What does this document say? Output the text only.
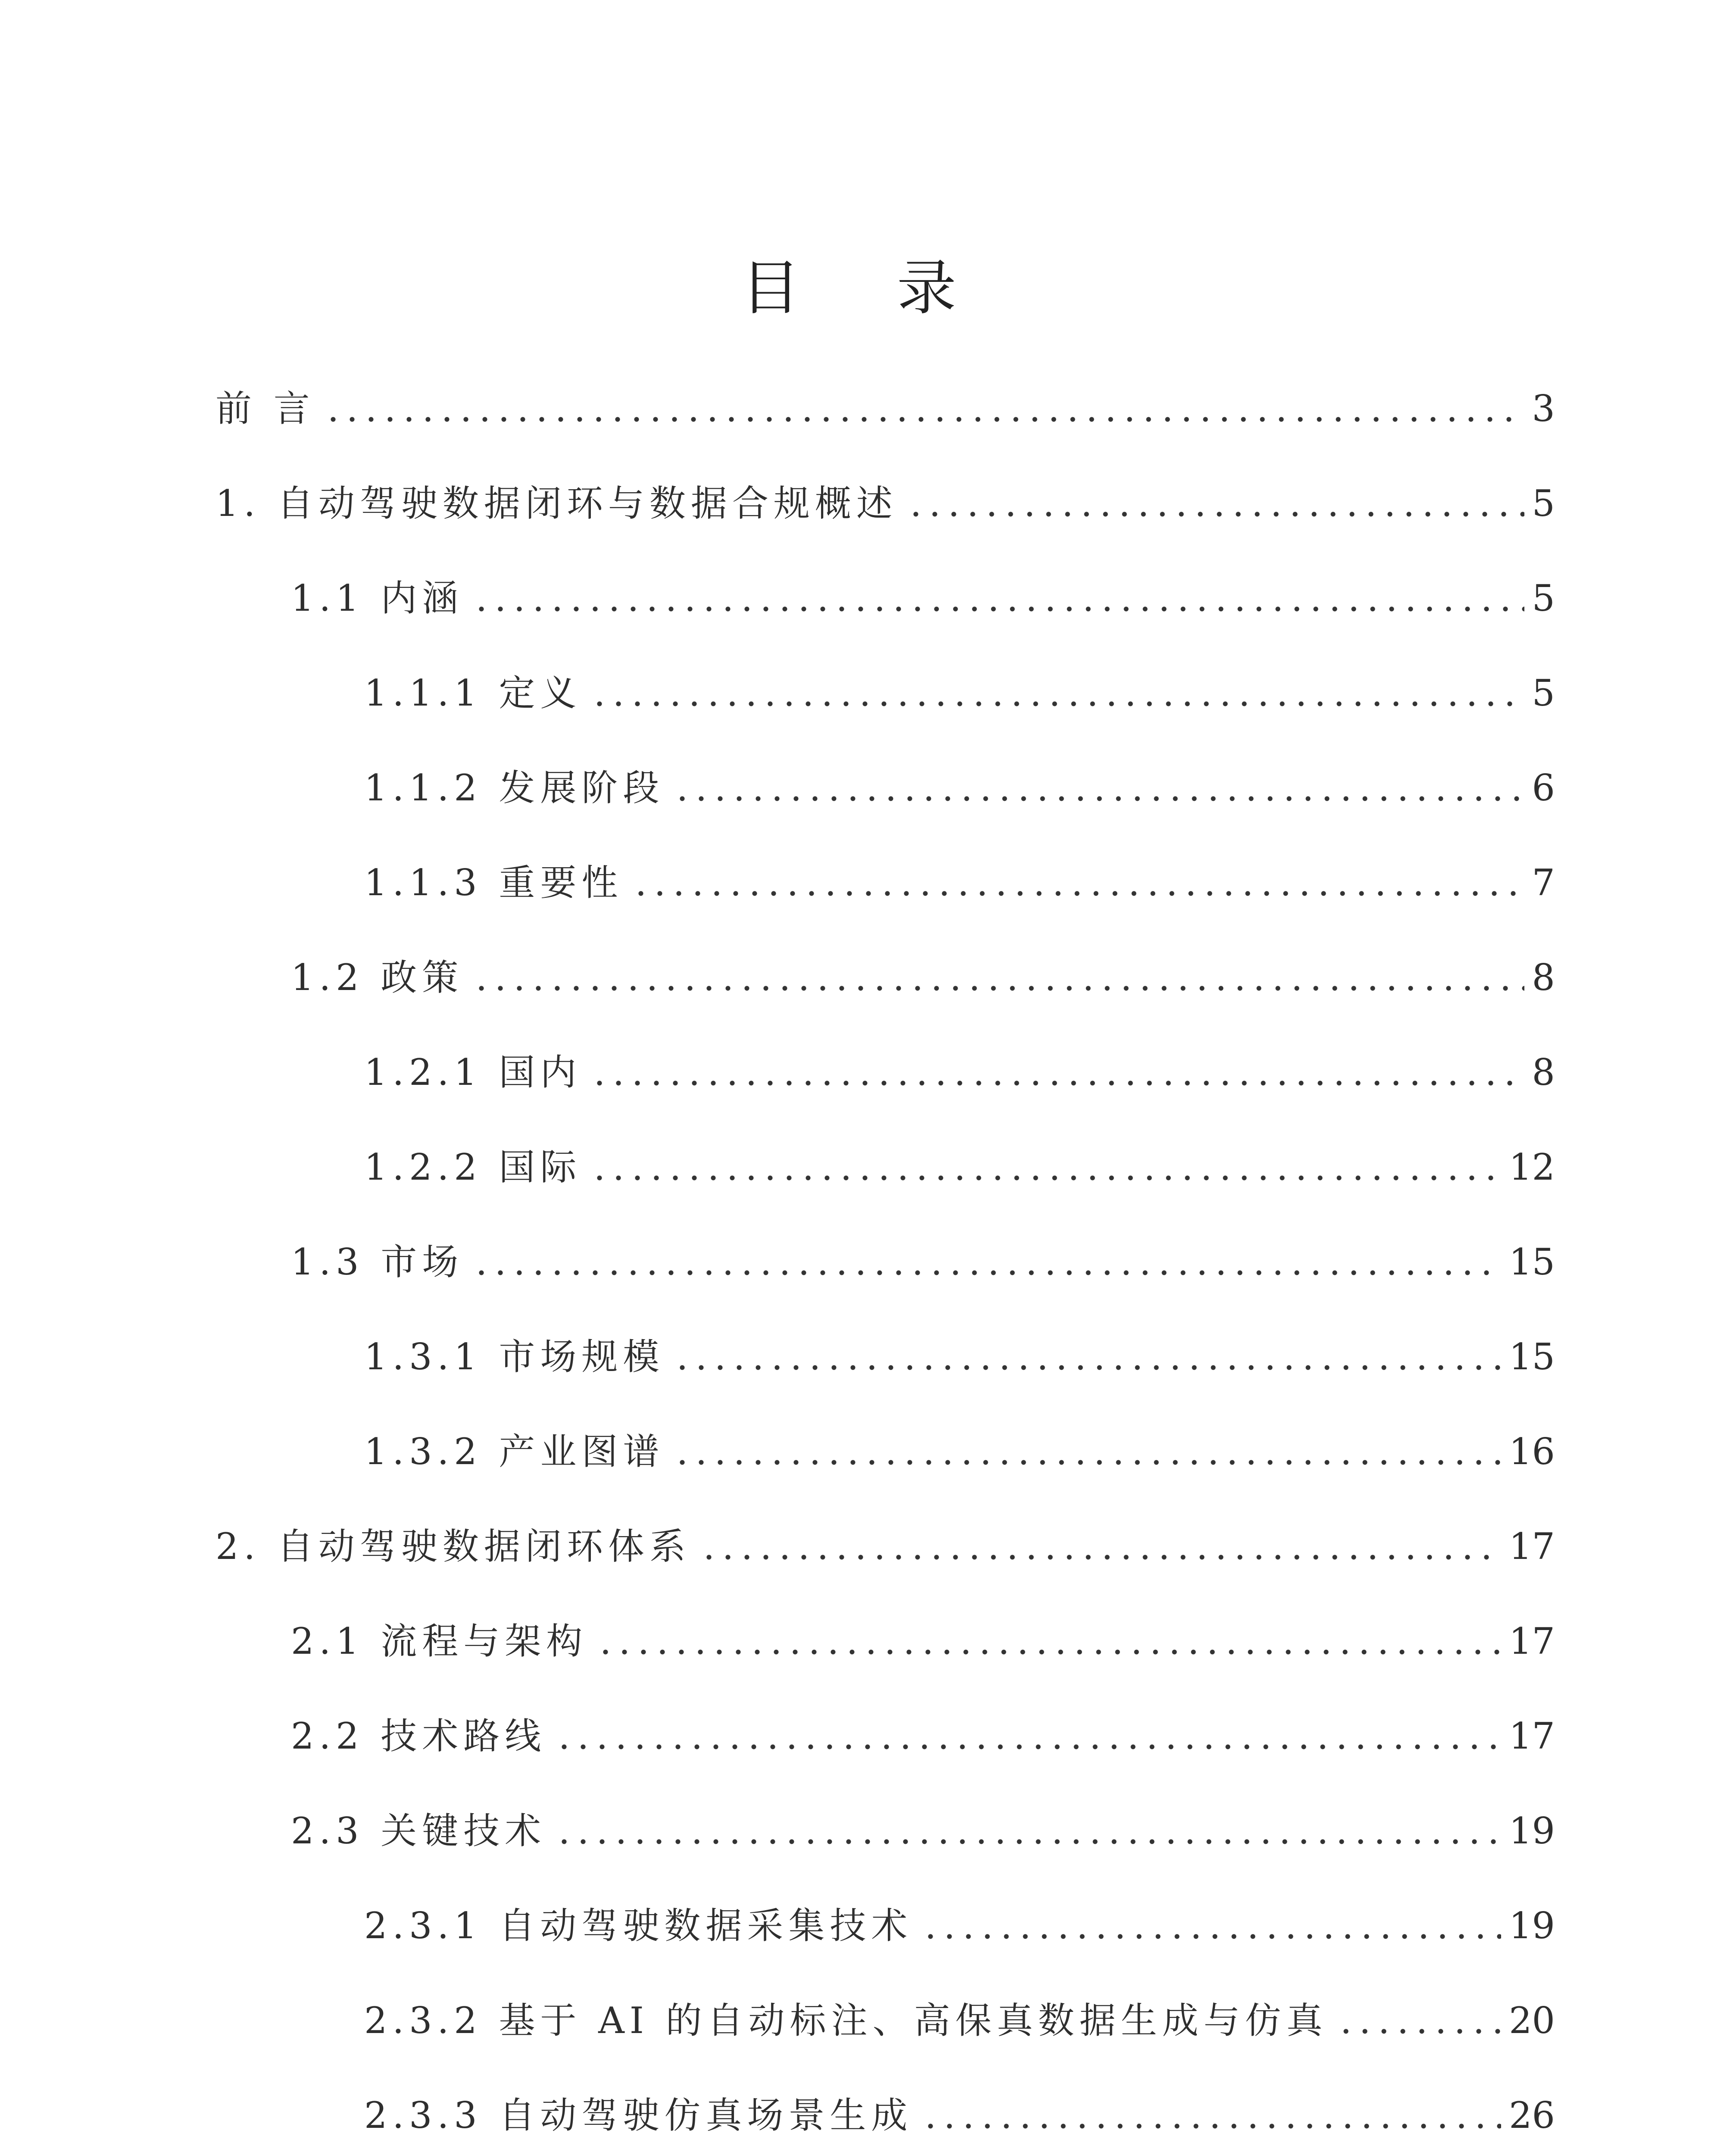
目 录
前 言	3
1. 自动驾驶数据闭环与数据合规概述	5
1.1 内涵	5
1.1.1 定义	5
1.1.2 发展阶段	6
1.1.3 重要性	7
1.2 政策	8
1.2.1 国内	8
1.2.2 国际	12
1.3 市场	15
1.3.1 市场规模	15
1.3.2 产业图谱	16
2. 自动驾驶数据闭环体系	17
2.1 流程与架构	17
2.2 技术路线	17
2.3 关键技术	19
2.3.1 自动驾驶数据采集技术	19
2.3.2 基于 AI 的自动标注、高保真数据生成与仿真	20
2.3.3 自动驾驶仿真场景生成	26
